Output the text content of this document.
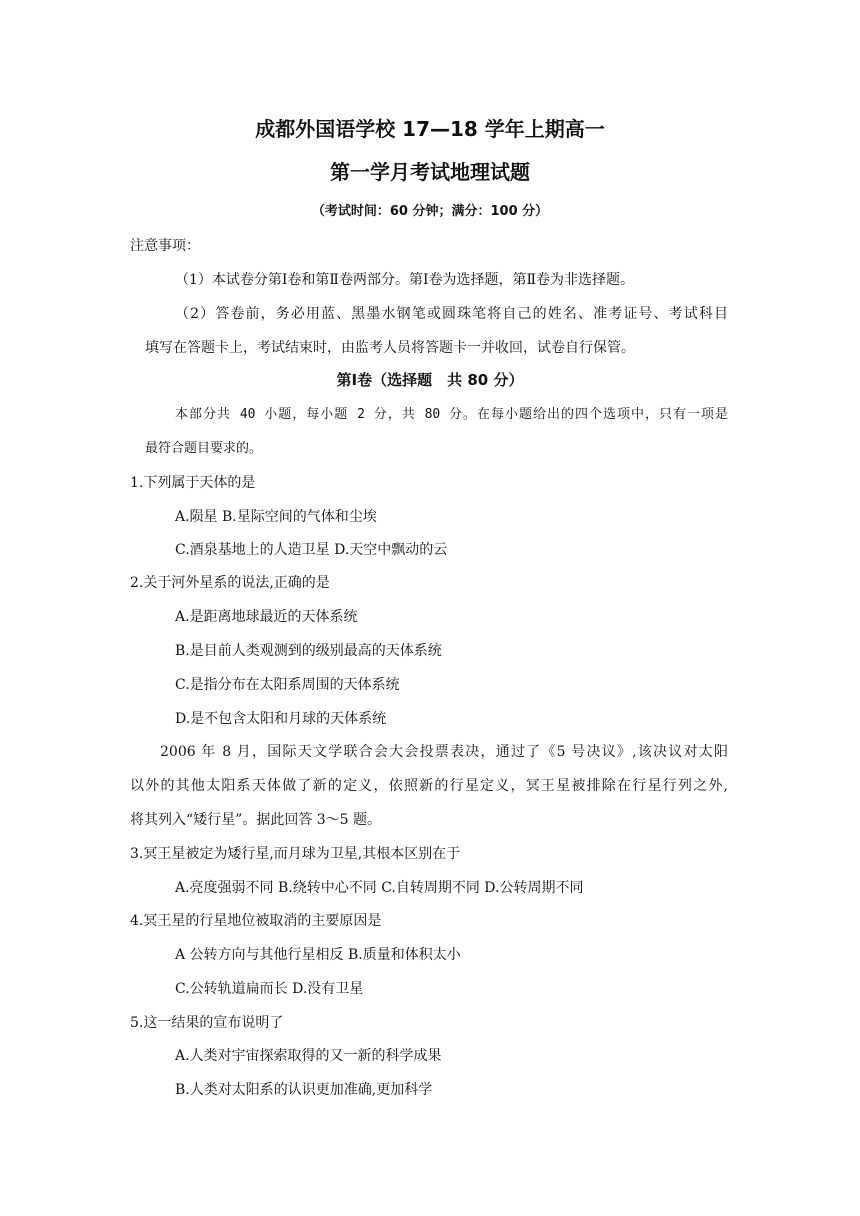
成都外国语学校 17—18 学年上期高一
第一学月考试地理试题
（考试时间：60 分钟；满分：100 分）
注意事项：
（1）本试卷分第Ⅰ卷和第Ⅱ卷两部分。第Ⅰ卷为选择题，第Ⅱ卷为非选择题。
（2）答卷前，务必用蓝、黑墨水钢笔或圆珠笔将自己的姓名、准考证号、考试科目
填写在答题卡上，考试结束时，由监考人员将答题卡一并收回，试卷自行保管。
第Ⅰ卷（选择题　共 80 分）
本部分共 40 小题，每小题 2 分，共 80 分。在每小题给出的四个选项中，只有一项是
最符合题目要求的。
1.下列属于天体的是
A.陨星 B.星际空间的气体和尘埃
C.酒泉基地上的人造卫星 D.天空中飘动的云
2.关于河外星系的说法,正确的是
A.是距离地球最近的天体系统
B.是目前人类观测到的级别最高的天体系统
C.是指分布在太阳系周围的天体系统
D.是不包含太阳和月球的天体系统
2006 年 8 月，国际天文学联合会大会投票表决，通过了《5 号决议》,该决议对太阳
以外的其他太阳系天体做了新的定义，依照新的行星定义，冥王星被排除在行星行列之外,
将其列入“矮行星”。据此回答 3～5 题。
3.冥王星被定为矮行星,而月球为卫星,其根本区别在于
A.亮度强弱不同 B.绕转中心不同 C.自转周期不同 D.公转周期不同
4.冥王星的行星地位被取消的主要原因是
A 公转方向与其他行星相反 B.质量和体积太小
C.公转轨道扁而长 D.没有卫星
5.这一结果的宣布说明了
A.人类对宇宙探索取得的又一新的科学成果
B.人类对太阳系的认识更加准确,更加科学
